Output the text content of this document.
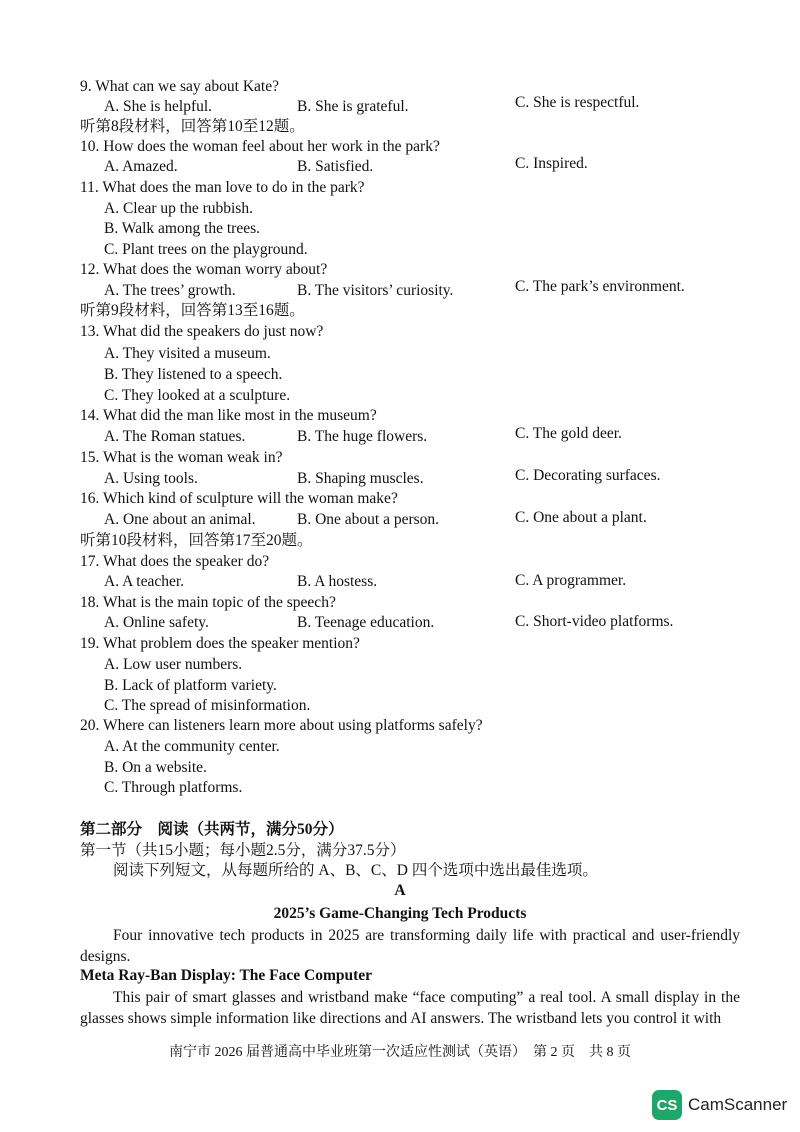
9. What can we say about Kate?
A. She is helpful.	B. She is grateful.	C. She is respectful.
听第8段材料，回答第10至12题。
10. How does the woman feel about her work in the park?
A. Amazed.	B. Satisfied.	C. Inspired.
11. What does the man love to do in the park?
A. Clear up the rubbish.
B. Walk among the trees.
C. Plant trees on the playground.
12. What does the woman worry about?
A. The trees’ growth.	B. The visitors’ curiosity.	C. The park’s environment.
听第9段材料，回答第13至16题。
13. What did the speakers do just now?
A. They visited a museum.
B. They listened to a speech.
C. They looked at a sculpture.
14. What did the man like most in the museum?
A. The Roman statues.	B. The huge flowers.	C. The gold deer.
15. What is the woman weak in?
A. Using tools.	B. Shaping muscles.	C. Decorating surfaces.
16. Which kind of sculpture will the woman make?
A. One about an animal.	B. One about a person.	C. One about a plant.
听第10段材料，回答第17至20题。
17. What does the speaker do?
A. A teacher.	B. A hostess.	C. A programmer.
18. What is the main topic of the speech?
A. Online safety.	B. Teenage education.	C. Short-video platforms.
19. What problem does the speaker mention?
A. Low user numbers.
B. Lack of platform variety.
C. The spread of misinformation.
20. Where can listeners learn more about using platforms safely?
A. At the community center.
B. On a website.
C. Through platforms.
第二部分　阅读（共两节，满分50分）
第一节（共15小题；每小题2.5分，满分37.5分）
阅读下列短文，从每题所给的 A、B、C、D 四个选项中选出最佳选项。
A
2025’s Game-Changing Tech Products
Four innovative tech products in 2025 are transforming daily life with practical and user-friendly designs.
Meta Ray-Ban Display: The Face Computer
This pair of smart glasses and wristband make “face computing” a real tool. A small display in the glasses shows simple information like directions and AI answers. The wristband lets you control it with
南宁市 2026 届普通高中毕业班第一次适应性测试（英语）　第 2 页　共 8 页
CS CamScanner
